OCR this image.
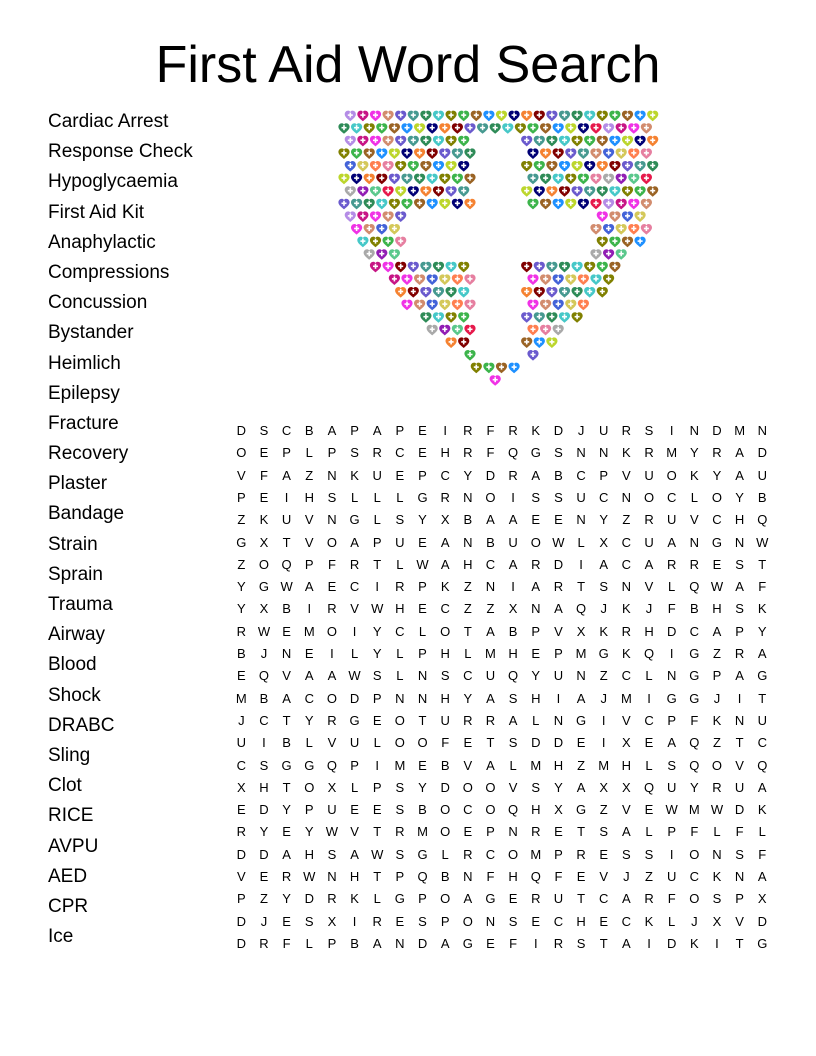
First Aid Word Search
Cardiac Arrest
Response Check
Hypoglycaemia
First Aid Kit
Anaphylactic
Compressions
Concussion
Bystander
Heimlich
Epilepsy
Fracture
Recovery
Plaster
Bandage
Strain
Sprain
Trauma
Airway
Blood
Shock
DRABC
Sling
Clot
RICE
AVPU
AED
CPR
Ice
D	S	C	B	A	P	A	P	E	I	R	F	R	K	D	J	U	R	S	I	N	D M N
O	E	P	L	P	S	R	C	E	H	R	F	Q G	S	N	N	K	R M Y	R	A	D
V	F	A	Z	N	K	U	E	P	C	Y	D	R	A	B	C	P	V	U O	K	Y	A	U
P	E	I	H	S	L	L	L	G R	N O	I	S	S	U	C	N O C	L	O	Y	B
Z	K	U	V	N G	L	S	Y	X	B	A	A	E	E	N	Y	Z	R	U	V	C	H Q
G	X	T	V	O	A	P	U	E	A	N	B	U O W L	X	C	U	A	N G N W
Z	O Q	P	F	R	T	L W A	H	C	A	R	D	I	A	C	A	R	R	E	S	T
Y	G W A	E	C	I	R	P	K	Z	N	I	A	R	T	S	N	V	L	Q W A	F
Y	X	B	I	R	V W H	E	C	Z	Z	X	N	A	Q	J	K	J	F	B	H	S	K
R W E M O	I	Y	C	L	O	T	A	B	P	V	X	K	R	H	D	C	A	P	Y
B	J	N	E	I	L	Y	L	P	H	L	M H	E	P M G	K	Q	I	G	Z	R	A
E	Q	V	A	A W S	L	N	S	C	U Q	Y	U	N	Z	C	L	N G	P	A	G
M B	A	C O D	P	N	N	H	Y	A	S	H	I	A	J	M	I	G G	J	I	T
J	C	T	Y	R G	E	O	T	U	R	R	A	L	N G	I	V	C	P	F	K	N	U
U	I	B	L	V	U	L	O O	F	E	T	S	D	D	E	I	X	E	A	Q	Z	T	C
C	S	G G Q	P	I	M E	B	V	A	L	M H	Z	M H	L	S	Q O	V	Q
X	H	T	O	X	L	P	S	Y	D O O	V	S	Y	A	X	X	Q U	Y	R	U	A
E	D	Y	P	U	E	E	S	B	O C O Q H	X	G	Z	V	E W M W D	K
R	Y	E	Y W V	T	R M O	E	P	N	R	E	T	S	A	L	P	F	L	F	L
D	D	A	H	S	A W S	G	L	R	C O M P	R	E	S	S	I	O N	S	F
V	E	R W N	H	T	P	Q	B	N	F	H Q	F	E	V	J	Z	U	C	K	N	A
P	Z	Y	D	R	K	L	G	P	O	A	G	E	R	U	T	C	A	R	F	O	S	P	X
D	J	E	S	X	I	R	E	S	P	O N	S	E	C	H	E	C	K	L	J	X	V	D
D	R	F	L	P	B	A	N	D	A	G	E	F	I	R	S	T	A	I	D	K	I	T	G
